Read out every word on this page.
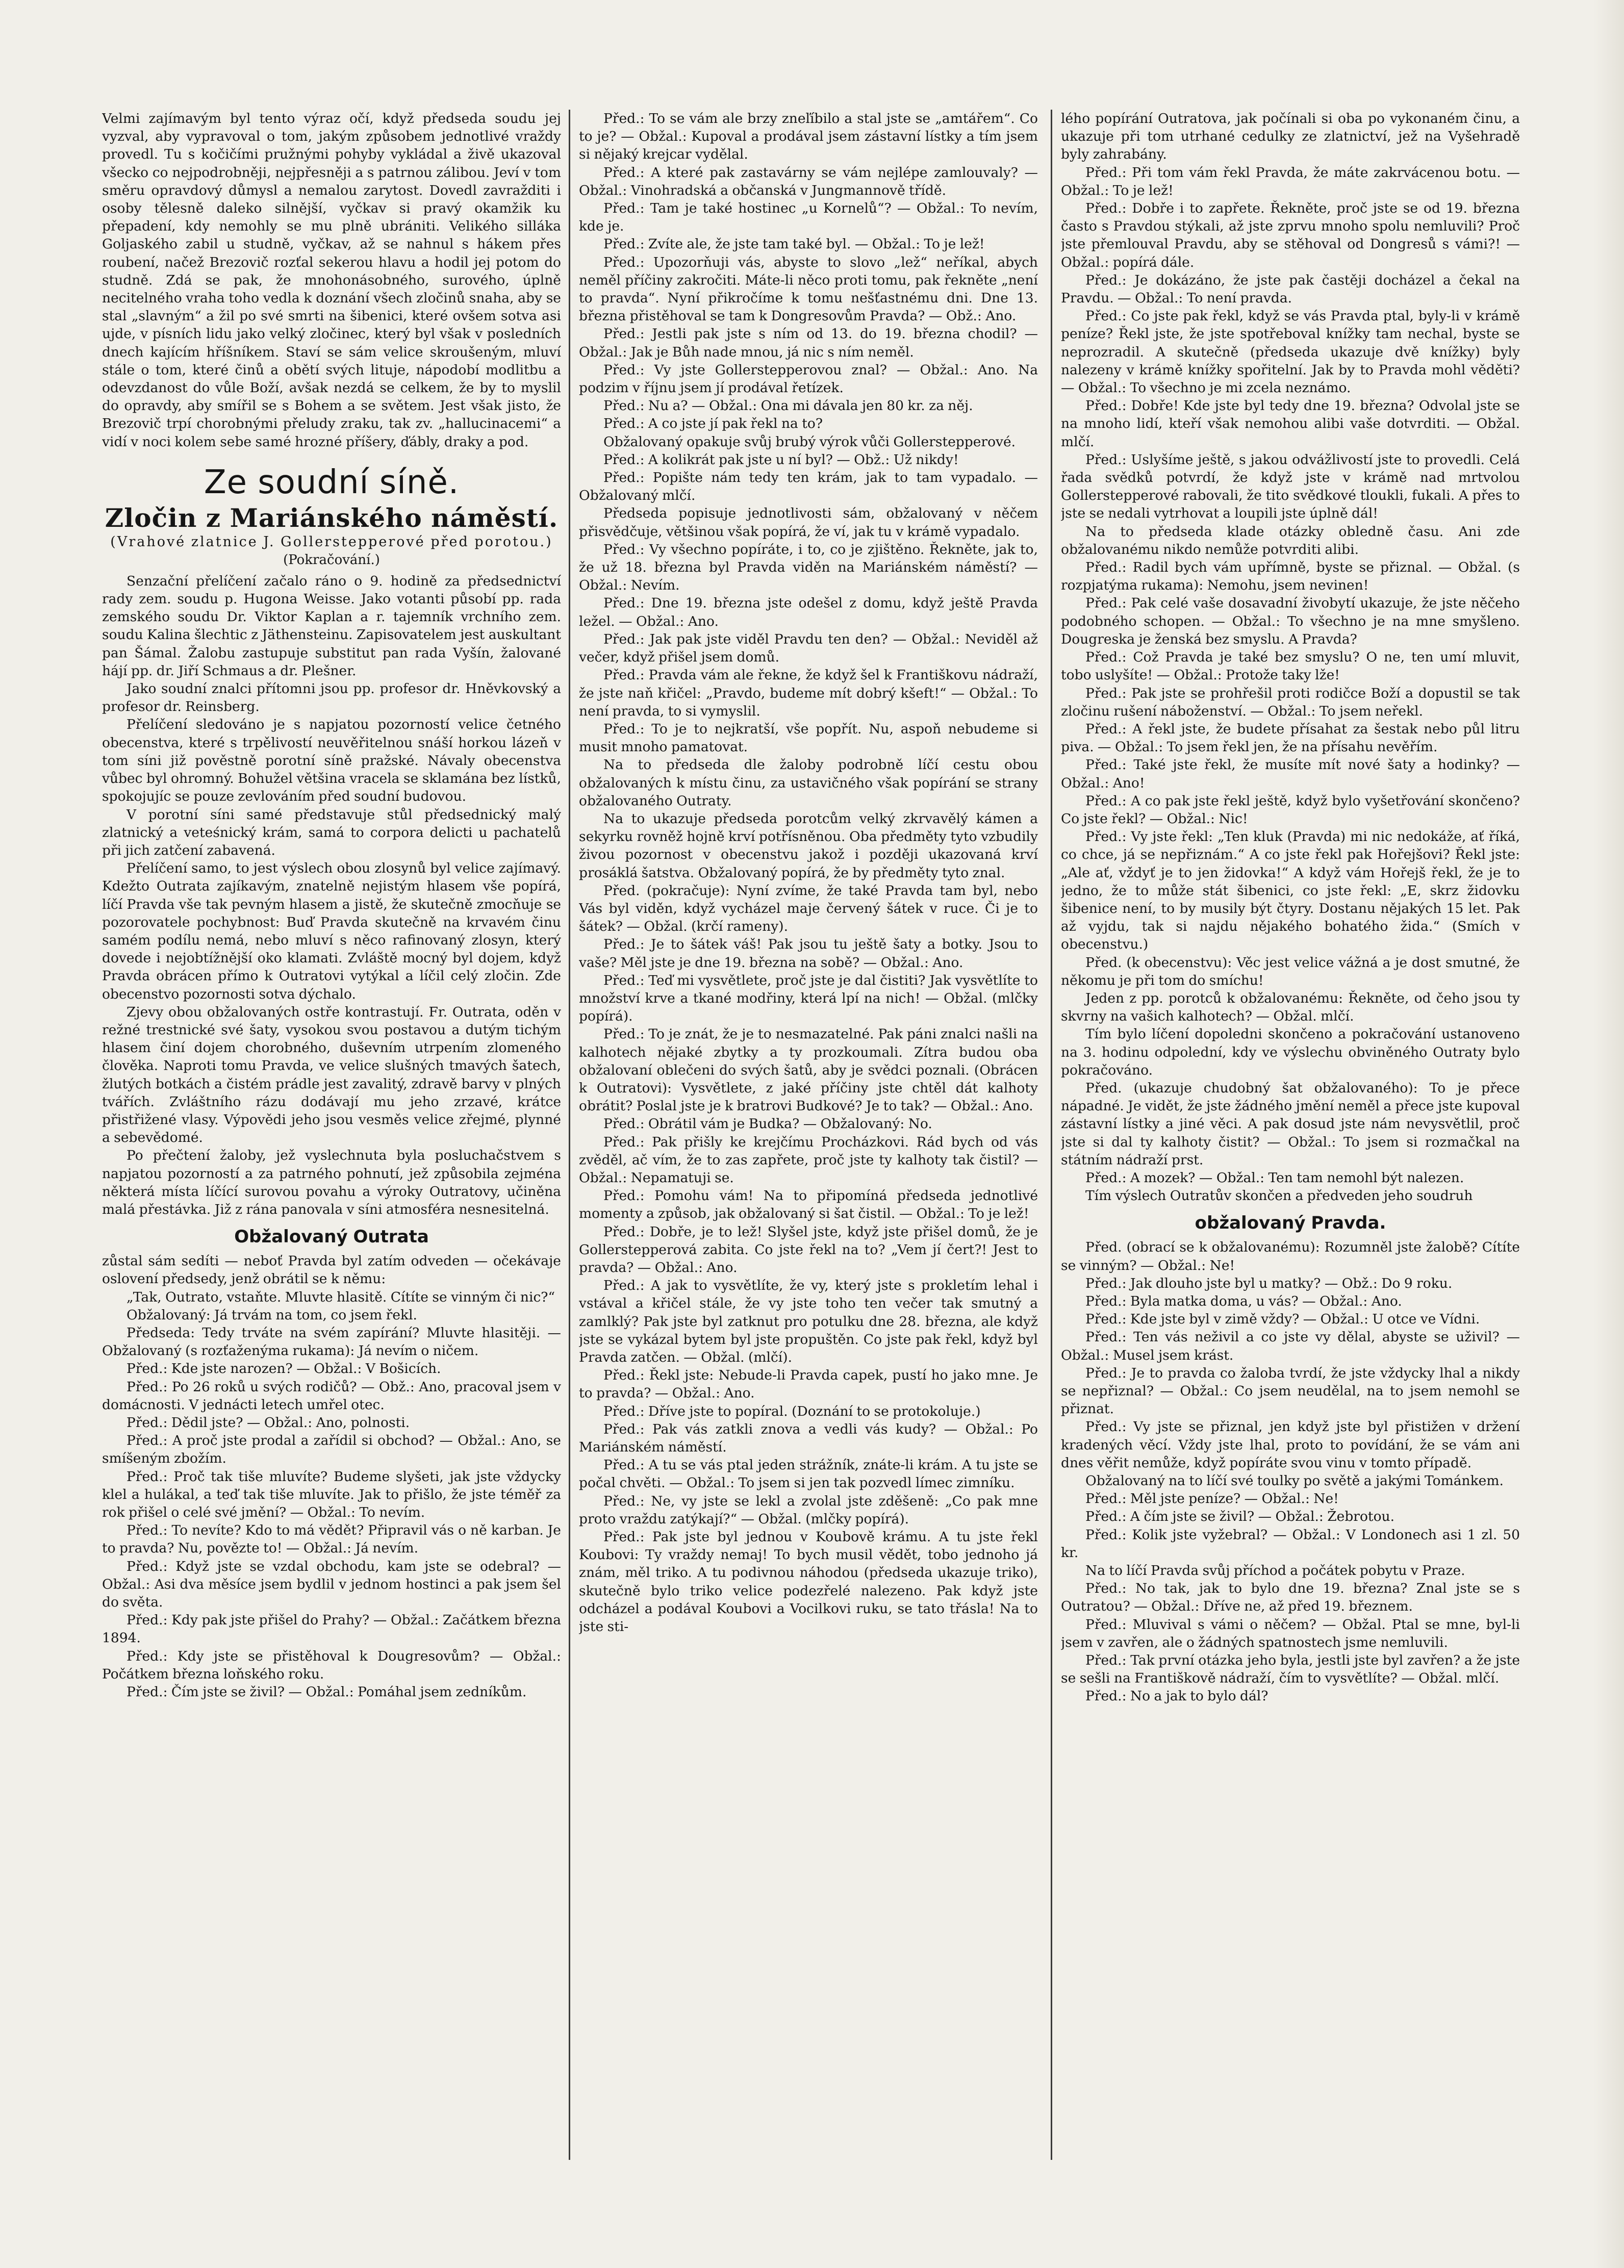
Velmi zajímavým byl tento výraz očí, když předseda soudu jej vyzval, aby vypravoval o tom, jakým způsobem jednotlivé vraždy provedl. Tu s kočičími pružnými pohyby vykládal a živě ukazoval všecko co nejpodrobněji, nejpřesněji a s patrnou zálibou. Jeví v tom směru opravdový důmysl a nemalou zarytost. Dovedl zavražditi i osoby tělesně daleko silnější, vyčkav si pravý okamžik ku přepadení, kdy nemohly se mu plně ubrániti. Velikého silláka Goljaského zabil u studně, vyčkav, až se nahnul s hákem přes roubení, načež Brezovič rozťal sekerou hlavu a hodil jej potom do studně. Zdá se pak, že mnohonásobného, surového, úplně necitelného vraha toho vedla k doznání všech zločinů snaha, aby se stal „slavným“ a žil po své smrti na šibenici, které ovšem sotva asi ujde, v písních lidu jako velký zločinec, který byl však v posledních dnech kajícím hříšníkem. Staví se sám velice skroušeným, mluví stále o tom, které činů a obětí svých lituje, nápodobí modlitbu a odevzdanost do vůle Boží, avšak nezdá se celkem, že by to myslil do opravdy, aby smířil se s Bohem a se světem. Jest však jisto, že Brezovič trpí chorobnými přeludy zraku, tak zv. „hallucinacemi“ a vidí v noci kolem sebe samé hrozné příšery, ďábly, draky a pod.

Ze soudní síně.
Zločin z Mariánského náměstí.
(Vrahové zlatnice J. Gollerstepperové před porotou.)
(Pokračování.)

Senzační přelíčení začalo ráno o 9. hodině za předsednictví rady zem. soudu p. Hugona Weisse. Jako votanti působí pp. rada zemského soudu Dr. Viktor Kaplan a r. tajemník vrchního zem. soudu Kalina šlechtic z Jäthensteinu. Zapisovatelem jest auskultant pan Šámal. Žalobu zastupuje substitut pan rada Vyšín, žalované hájí pp. dr. Jiří Schmaus a dr. Plešner.

Jako soudní znalci přítomni jsou pp. profesor dr. Hněvkovský a profesor dr. Reinsberg.

Přelíčení sledováno je s napjatou pozorností velice četného obecenstva, které s trpělivostí neuvěřitelnou snáší horkou lázeň v tom síni již pověstně porotní síně pražské. Návaly obecenstva vůbec byl ohromný. Bohužel většina vracela se sklamána bez lístků, spokojujíc se pouze zevlováním před soudní budovou.

V porotní síni samé představuje stůl předsednický malý zlatnický a veteśnický krám, samá to corpora delicti u pachatelů při jich zatčení zabavená.

Přelíčení samo, to jest výslech obou zlosynů byl velice zajímavý. Kdežto Outrata zajíkavým, znatelně nejistým hlasem vše popírá, líčí Pravda vše tak pevným hlasem a jistě, že skutečně zmocňuje se pozorovatele pochybnost: Buď Pravda skutečně na krvavém činu samém podílu nemá, nebo mluví s něco rafinovaný zlosyn, který dovede i nejobtížnější oko klamati. Zvláště mocný byl dojem, když Pravda obrácen přímo k Outratovi vytýkal a líčil celý zločin. Zde obecenstvo pozornosti sotva dýchalo.

Zjevy obou obžalovaných ostře kontrastují. Fr. Outrata, oděn v režné trestnické své šaty, vysokou svou postavou a dutým tichým hlasem činí dojem chorobného, duševním utrpením zlomeného člověka. Naproti tomu Pravda, ve velice slušných tmavých šatech, žlutých botkách a čistém prádle jest zavalitý, zdravě barvy v plných tvářích. Zvláštního rázu dodávají mu jeho zrzavé, krátce přistřižené vlasy. Výpovědi jeho jsou vesměs velice zřejmé, plynné a sebevědomé.

Po přečtení žaloby, jež vyslechnuta byla posluchačstvem s napjatou pozorností a za patrného pohnutí, jež způsobila zejména některá místa líčící surovou povahu a výroky Outratovy, učiněna malá přestávka. Již z rána panovala v síni atmosféra nesnesitelná.

Obžalovaný Outrata

zůstal sám sedíti — neboť Pravda byl zatím odveden — očekávaje oslovení předsedy, jenž obrátil se k němu:

„Tak, Outrato, vstaňte. Mluvte hlasitě. Cítíte se vinným či nic?“

Obžalovaný: Já trvám na tom, co jsem řekl.

Předseda: Tedy trváte na svém zapírání? Mluvte hlasitěji. — Obžalovaný (s rozťaženýma rukama): Já nevím o ničem.

Před.: Kde jste narozen? — Obžal.: V Bošicích.

Před.: Po 26 roků u svých rodičů? — Obž.: Ano, pracoval jsem v domácnosti. V jednácti letech umřel otec.

Před.: Dědil jste? — Obžal.: Ano, polnosti.

Před.: A proč jste prodal a zařídil si obchod? — Obžal.: Ano, se smíšeným zbožím.

Před.: Proč tak tiše mluvíte? Budeme slyšeti, jak jste vždycky klel a hulákal, a teď tak tiše mluvíte. Jak to přišlo, že jste téměř za rok přišel o celé své jmění? — Obžal.: To nevím.

Před.: To nevíte? Kdo to má vědět? Připravil vás o ně karban. Je to pravda? Nu, povězte to! — Obžal.: Já nevím.

Před.: Když jste se vzdal obchodu, kam jste se odebral? — Obžal.: Asi dva měsíce jsem bydlil v jednom hostinci a pak jsem šel do světa.

Před.: Kdy pak jste přišel do Prahy? — Obžal.: Začátkem března 1894.

Před.: Kdy jste se přistěhoval k Dougresovům? — Obžal.: Počátkem března loňského roku.

Před.: Čím jste se živil? — Obžal.: Pomáhal jsem zedníkům.

Před.: To se vám ale brzy zneľíbilo a stal jste se „amtářem“. Co to je? — Obžal.: Kupoval a prodával jsem zástavní lístky a tím jsem si nějaký krejcar vydělal.

Před.: A které pak zastavárny se vám nejlépe zamlouvaly? — Obžal.: Vinohradská a občanská v Jungmannově třídě.

Před.: Tam je také hostinec „u Kornelů“? — Obžal.: To nevím, kde je.

Před.: Zvíte ale, že jste tam také byl. — Obžal.: To je lež!

Před.: Upozorňuji vás, abyste to slovo „lež“ neříkal, abych neměl příčiny zakročiti. Máte-li něco proti tomu, pak řekněte „není to pravda“. Nyní přikročíme k tomu nešťastnému dni. Dne 13. března přistěhoval se tam k Dongresovům Pravda? — Obž.: Ano.

Před.: Jestli pak jste s ním od 13. do 19. března chodil? — Obžal.: Jak je Bůh nade mnou, já nic s ním neměl.

Před.: Vy jste Gollerstepperovou znal? — Obžal.: Ano. Na podzim v říjnu jsem jí prodával řetízek.

Před.: Nu a? — Obžal.: Ona mi dávala jen 80 kr. za něj.

Před.: A co jste jí pak řekl na to?

Obžalovaný opakuje svůj brubý výrok vůči Gollerstepperové.

Před.: A kolikrát pak jste u ní byl? — Obž.: Už nikdy!

Před.: Popište nám tedy ten krám, jak to tam vypadalo. — Obžalovaný mlčí.

Předseda popisuje jednotlivosti sám, obžalovaný v něčem přisvědčuje, většinou však popírá, že ví, jak tu v krámě vypadalo.

Před.: Vy všechno popíráte, i to, co je zjištěno. Řekněte, jak to, že už 18. března byl Pravda viděn na Mariánském náměstí? — Obžal.: Nevím.

Před.: Dne 19. března jste odešel z domu, když ještě Pravda ležel. — Obžal.: Ano.

Před.: Jak pak jste viděl Pravdu ten den? — Obžal.: Neviděl až večer, když přišel jsem domů.

Před.: Pravda vám ale řekne, že když šel k Františkovu nádraží, že jste naň křičel: „Pravdo, budeme mít dobrý kšeft!“ — Obžal.: To není pravda, to si vymyslil.

Před.: To je to nejkratší, vše popřít. Nu, aspoň nebudeme si musit mnoho pamatovat.

Na to předseda dle žaloby podrobně líčí cestu obou obžalovaných k místu činu, za ustavičného však popírání se strany obžalovaného Outraty.

Na to ukazuje předseda porotcům velký zkrvavělý kámen a sekyrku rovněž hojně krví potřísněnou. Oba předměty tyto vzbudily živou pozornost v obecenstvu jakož i později ukazovaná krví prosáklá šatstva. Obžalovaný popírá, že by předměty tyto znal.

Před. (pokračuje): Nyní zvíme, že také Pravda tam byl, nebo Vás byl viděn, když vycházel maje červený šátek v ruce. Či je to šátek? — Obžal. (krčí rameny).

Před.: Je to šátek váš! Pak jsou tu ještě šaty a botky. Jsou to vaše? Měl jste je dne 19. března na sobě? — Obžal.: Ano.

Před.: Teď mi vysvětlete, proč jste je dal čistiti? Jak vysvětlíte to množství krve a tkané modřiny, která lpí na nich! — Obžal. (mlčky popírá).

Před.: To je znát, že je to nesmazatelné. Pak páni znalci našli na kalhotech nějaké zbytky a ty prozkoumali. Zítra budou oba obžalovaní oblečeni do svých šatů, aby je svědci poznali. (Obrácen k Outratovi): Vysvětlete, z jaké příčiny jste chtěl dát kalhoty obrátit? Poslal jste je k bratrovi Budkové? Je to tak? — Obžal.: Ano.

Před.: Obrátil vám je Budka? — Obžalovaný: No.

Před.: Pak přišly ke krejčímu Procházkovi. Rád bych od vás zvěděl, ač vím, že to zas zapřete, proč jste ty kalhoty tak čistil? — Obžal.: Nepamatuji se.

Před.: Pomohu vám! Na to připomíná předseda jednotlivé momenty a způsob, jak obžalovaný si šat čistil. — Obžal.: To je lež!

Před.: Dobře, je to lež! Slyšel jste, když jste přišel domů, že je Gollerstepperová zabita. Co jste řekl na to? „Vem jí čert?! Jest to pravda? — Obžal.: Ano.

Před.: A jak to vysvětlíte, že vy, který jste s prokletím lehal i vstával a křičel stále, že vy jste toho ten večer tak smutný a zamlklý? Pak jste byl zatknut pro potulku dne 28. března, ale když jste se vykázal bytem byl jste propuštěn. Co jste pak řekl, když byl Pravda zatčen. — Obžal. (mlčí).

Před.: Řekl jste: Nebude-li Pravda capek, pustí ho jako mne. Je to pravda? — Obžal.: Ano.

Před.: Dříve jste to popíral. (Doznání to se protokoluje.)

Před.: Pak vás zatkli znova a vedli vás kudy? — Obžal.: Po Mariánském náměstí.

Před.: A tu se vás ptal jeden strážník, znáte-li krám. A tu jste se počal chvěti. — Obžal.: To jsem si jen tak pozvedl límec zimníku.

Před.: Ne, vy jste se lekl a zvolal jste zděšeně: „Co pak mne proto vraždu zatýkají?“ — Obžal. (mlčky popírá).

Před.: Pak jste byl jednou v Koubově krámu. A tu jste řekl Koubovi: Ty vraždy nemaj! To bych musil vědět, tobo jednoho já znám, měl triko. A tu podivnou náhodou (předseda ukazuje triko), skutečně bylo triko velice podezřelé nalezeno. Pak když jste odcházel a podával Koubovi a Vocilkovi ruku, se tato třásla! Na to jste sti-

lého popírání Outratova, jak počínali si oba po vykonaném činu, a ukazuje při tom utrhané cedulky ze zlatnictví, jež na Vyšehradě byly zahrabány.

Před.: Při tom vám řekl Pravda, že máte zakrvácenou botu. — Obžal.: To je lež!

Před.: Dobře i to zapřete. Řekněte, proč jste se od 19. března často s Pravdou stýkali, až jste zprvu mnoho spolu nemluvili? Proč jste přemlouval Pravdu, aby se stěhoval od Dongresů s vámi?! — Obžal.: popírá dále.

Před.: Je dokázáno, že jste pak častěji docházel a čekal na Pravdu. — Obžal.: To není pravda.

Před.: Co jste pak řekl, když se vás Pravda ptal, byly-li v krámě peníze? Řekl jste, že jste spotřeboval knížky tam nechal, byste se neprozradil. A skutečně (předseda ukazuje dvě knížky) byly nalezeny v krámě knížky spořitelní. Jak by to Pravda mohl věděti? — Obžal.: To všechno je mi zcela neznámo.

Před.: Dobře! Kde jste byl tedy dne 19. března? Odvolal jste se na mnoho lidí, kteří však nemohou alibi vaše dotvrditi. — Obžal. mlčí.

Před.: Uslyšíme ještě, s jakou odvážlivostí jste to provedli. Celá řada svědků potvrdí, že když jste v krámě nad mrtvolou Gollerstepperové rabovali, že tito svědkové tloukli, fukali. A přes to jste se nedali vytrhovat a loupili jste úplně dál!

Na to předseda klade otázky obledně času. Ani zde obžalovanému nikdo nemůže potvrditi alibi.

Před.: Radil bych vám upřímně, byste se přiznal. — Obžal. (s rozpjatýma rukama): Nemohu, jsem nevinen!

Před.: Pak celé vaše dosavadní živobytí ukazuje, že jste něčeho podobného schopen. — Obžal.: To všechno je na mne smyšleno. Dougreska je ženská bez smyslu. A Pravda?

Před.: Což Pravda je také bez smyslu? O ne, ten umí mluvit, tobo uslyšíte! — Obžal.: Protože taky lže!

Před.: Pak jste se prohřešil proti rodičce Boží a dopustil se tak zločinu rušení náboženství. — Obžal.: To jsem neřekl.

Před.: A řekl jste, že budete přísahat za šestak nebo půl litru piva. — Obžal.: To jsem řekl jen, že na přísahu nevěřím.

Před.: Také jste řekl, že musíte mít nové šaty a hodinky? — Obžal.: Ano!

Před.: A co pak jste řekl ještě, když bylo vyšetřování skončeno? Co jste řekl? — Obžal.: Nic!

Před.: Vy jste řekl: „Ten kluk (Pravda) mi nic nedokáže, ať říká, co chce, já se nepřiznám.“ A co jste řekl pak Hořejšovi? Řekl jste: „Ale ať, vždyť je to jen židovka!“ A když vám Hořejš řekl, že je to jedno, že to může stát šibenici, co jste řekl: „E, skrz židovku šibenice není, to by musily být čtyry. Dostanu nějakých 15 let. Pak až vyjdu, tak si najdu nějakého bohatého žida.“ (Smích v obecenstvu.)

Před. (k obecenstvu): Věc jest velice vážná a je dost smutné, že někomu je při tom do smíchu!

Jeden z pp. porotců k obžalovanému: Řekněte, od čeho jsou ty skvrny na vašich kalhotech? — Obžal. mlčí.

Tím bylo líčení dopoledni skončeno a pokračování ustanoveno na 3. hodinu odpolední, kdy ve výslechu obviněného Outraty bylo pokračováno.

Před. (ukazuje chudobný šat obžalovaného): To je přece nápadné. Je vidět, že jste žádného jmění neměl a přece jste kupoval zástavní lístky a jiné věci. A pak dosud jste nám nevysvětlil, proč jste si dal ty kalhoty čistit? — Obžal.: To jsem si rozmačkal na státním nádraží prst.

Před.: A mozek? — Obžal.: Ten tam nemohl být nalezen.

Tím výslech Outratův skončen a předveden jeho soudruh

obžalovaný Pravda.

Před. (obrací se k obžalovanému): Rozumněl jste žalobě? Cítíte se vinným? — Obžal.: Ne!

Před.: Jak dlouho jste byl u matky? — Obž.: Do 9 roku.

Před.: Byla matka doma, u vás? — Obžal.: Ano.

Před.: Kde jste byl v zimě vždy? — Obžal.: U otce ve Vídni.

Před.: Ten vás neživil a co jste vy dělal, abyste se uživil? — Obžal.: Musel jsem krást.

Před.: Je to pravda co žaloba tvrdí, že jste vždycky lhal a nikdy se nepřiznal? — Obžal.: Co jsem neudělal, na to jsem nemohl se přiznat.

Před.: Vy jste se přiznal, jen když jste byl přistižen v držení kradených věcí. Vždy jste lhal, proto to povídání, že se vám ani dnes věřit nemůže, když popíráte svou vinu v tomto případě.

Obžalovaný na to líčí své toulky po světě a jakými Tománkem.

Před.: Měl jste peníze? — Obžal.: Ne!

Před.: A čím jste se živil? — Obžal.: Žebrotou.

Před.: Kolik jste vyžebral? — Obžal.: V Londonech asi 1 zl. 50 kr.

Na to líčí Pravda svůj příchod a počátek pobytu v Praze.

Před.: No tak, jak to bylo dne 19. března? Znal jste se s Outratou? — Obžal.: Dříve ne, až před 19. březnem.

Před.: Mluvival s vámi o něčem? — Obžal. Ptal se mne, byl-li jsem v zavřen, ale o žádných spatnostech jsme nemluvili.

Před.: Tak první otázka jeho byla, jestli jste byl zavřen? a že jste se sešli na Františkově nádraží, čím to vysvětlíte? — Obžal. mlčí.

Před.: No a jak to bylo dál?
